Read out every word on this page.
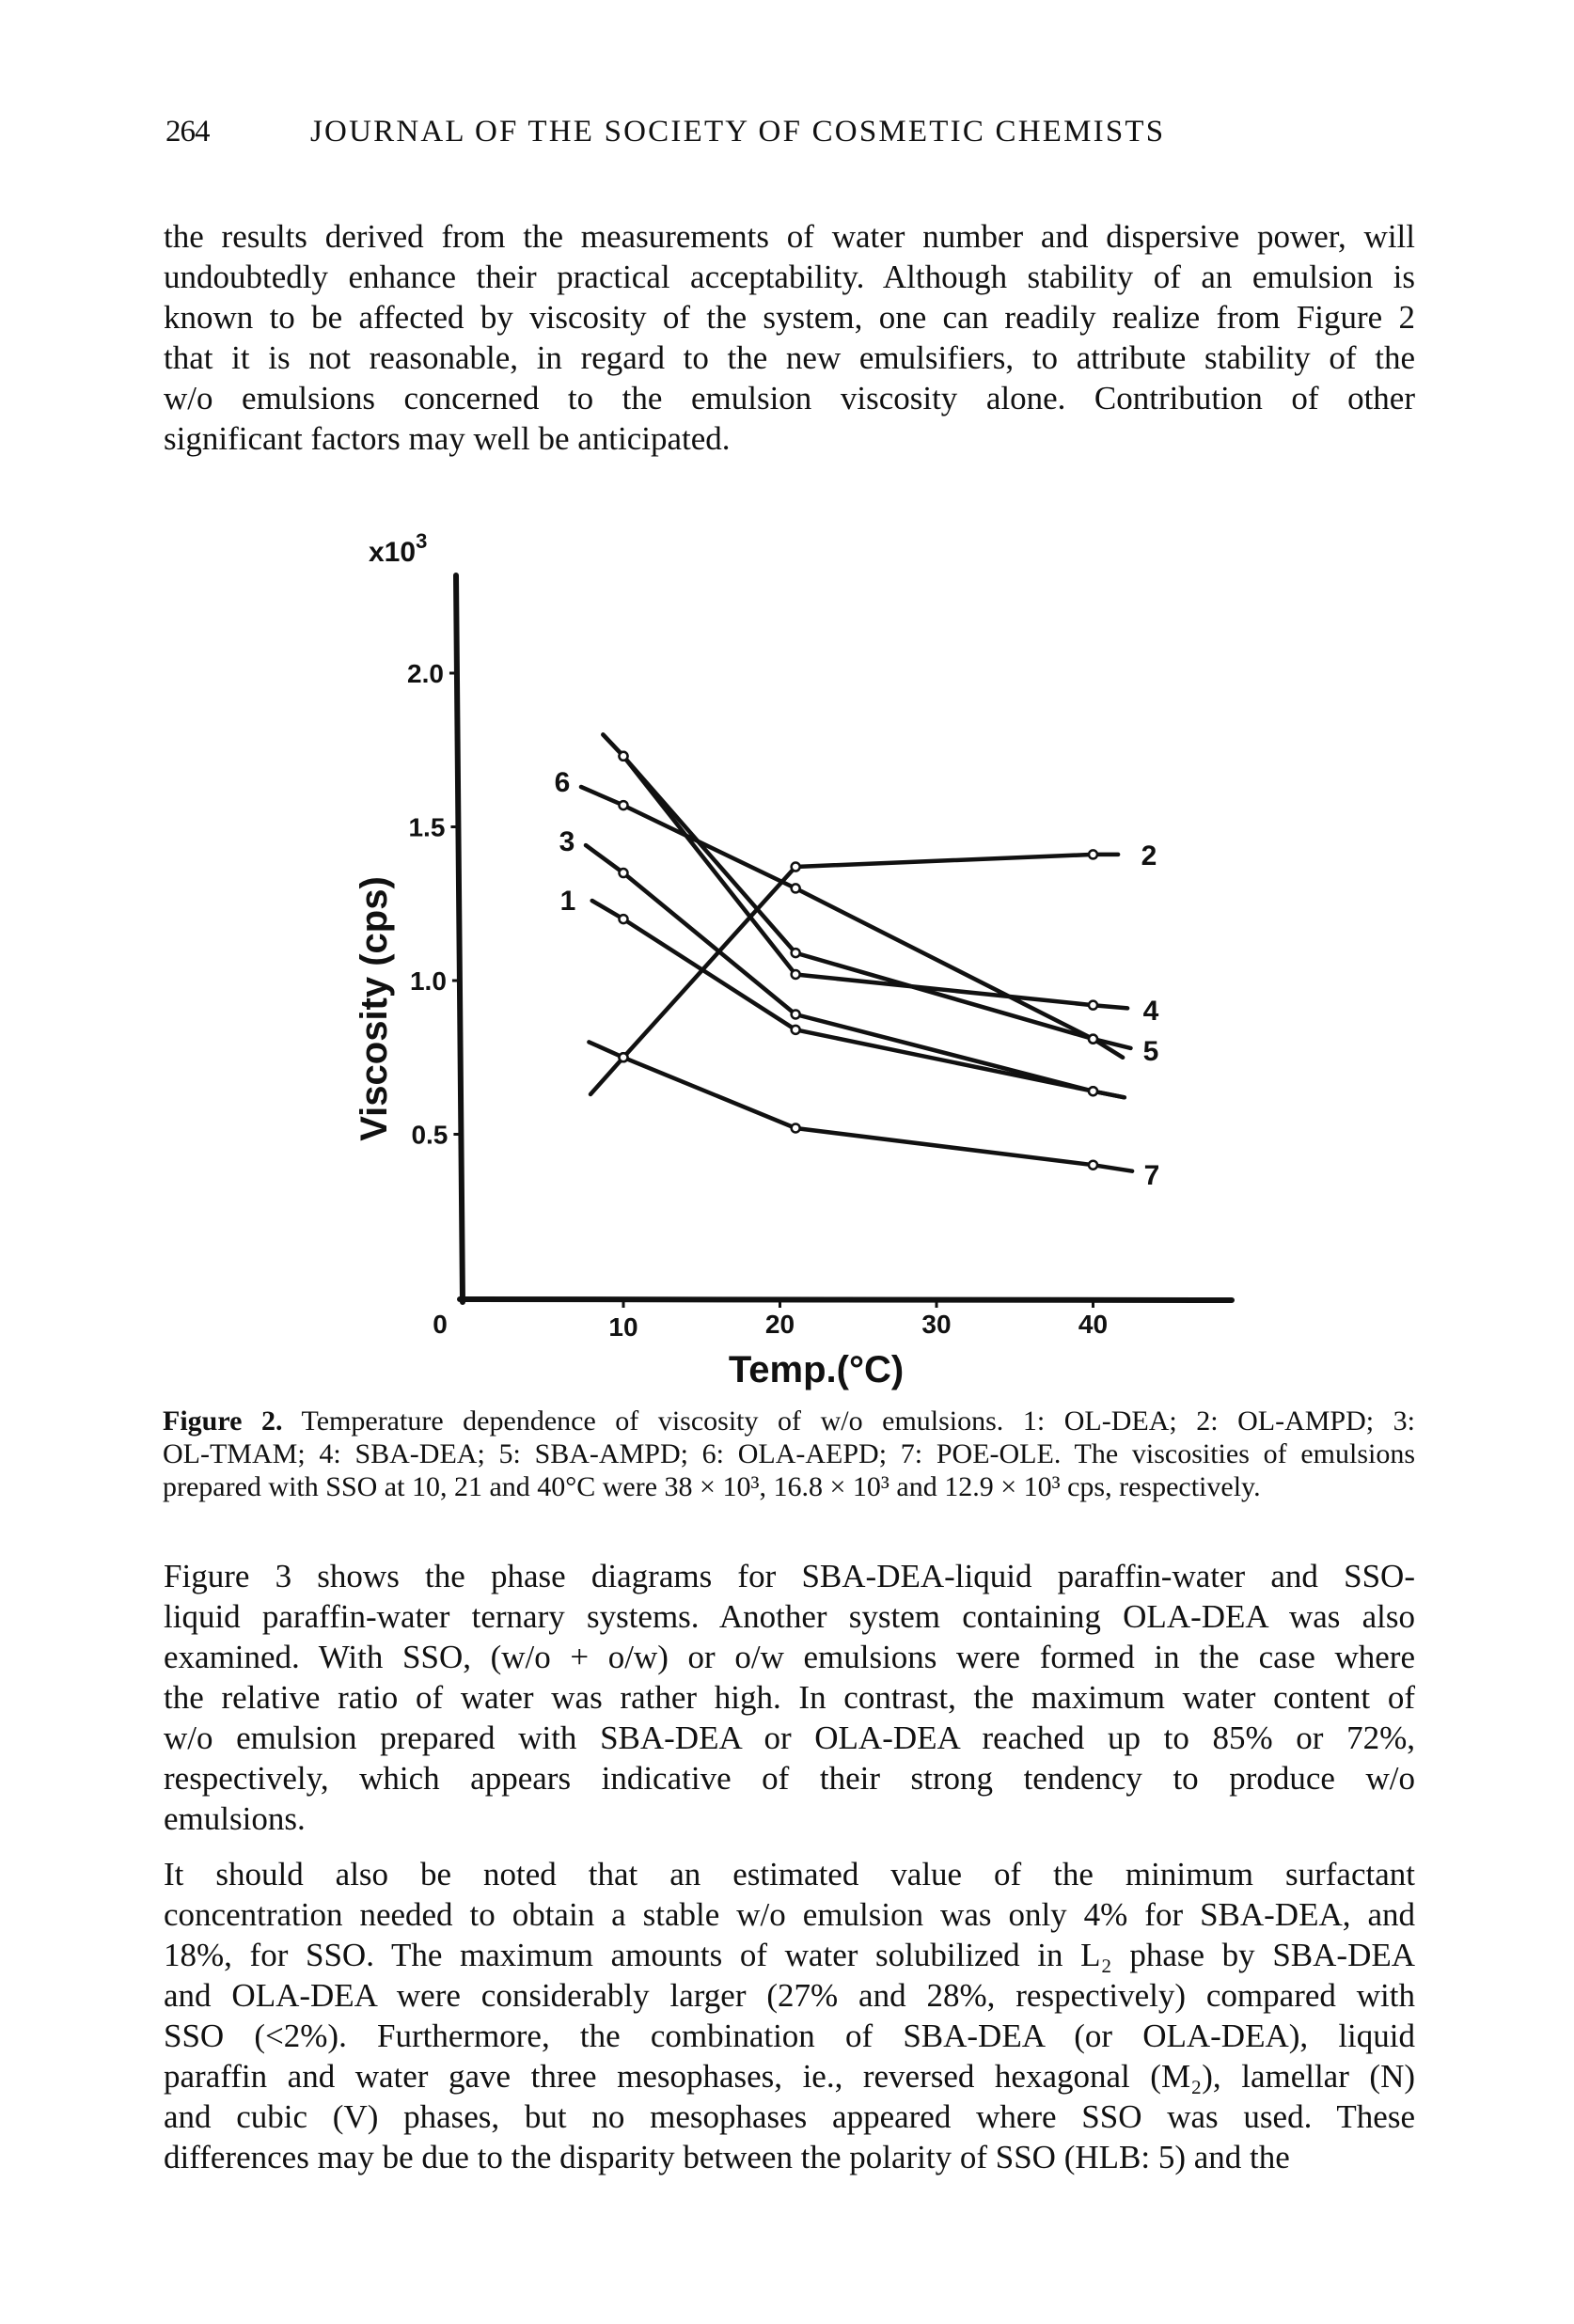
264	JOURNAL OF THE SOCIETY OF COSMETIC CHEMISTS
the results derived from the measurements of water number and dispersive power, will
undoubtedly enhance their practical acceptability. Although stability of an emulsion is
known to be affected by viscosity of the system, one can readily realize from Figure 2
that it is not reasonable, in regard to the new emulsifiers, to attribute stability of the
w/o emulsions concerned to the emulsion viscosity alone. Contribution of other
significant factors may well be anticipated.
$x10^3$
Viscosity (cps)
Temp.(°C)
0.5
1.0
1.5
2.0
0	10	20	30	40
1
2
3
4
5
6
7
Figure 2. Temperature dependence of viscosity of w/o emulsions. 1: OL-DEA; 2: OL-AMPD; 3:
OL-TMAM; 4: SBA-DEA; 5: SBA-AMPD; 6: OLA-AEPD; 7: POE-OLE. The viscosities of emulsions
prepared with SSO at 10, 21 and 40°C were 38 × 10³, 16.8 × 10³ and 12.9 × 10³ cps, respectively.
Figure 3 shows the phase diagrams for SBA-DEA-liquid paraffin-water and SSO-
liquid paraffin-water ternary systems. Another system containing OLA-DEA was also
examined. With SSO, (w/o + o/w) or o/w emulsions were formed in the case where
the relative ratio of water was rather high. In contrast, the maximum water content of
w/o emulsion prepared with SBA-DEA or OLA-DEA reached up to 85% or 72%,
respectively, which appears indicative of their strong tendency to produce w/o
emulsions.
It should also be noted that an estimated value of the minimum surfactant
concentration needed to obtain a stable w/o emulsion was only 4% for SBA-DEA, and
18%, for SSO. The maximum amounts of water solubilized in L₂ phase by SBA-DEA
and OLA-DEA were considerably larger (27% and 28%, respectively) compared with
SSO (<2%). Furthermore, the combination of SBA-DEA (or OLA-DEA), liquid
paraffin and water gave three mesophases, ie., reversed hexagonal (M₂), lamellar (N)
and cubic (V) phases, but no mesophases appeared where SSO was used. These
differences may be due to the disparity between the polarity of SSO (HLB: 5) and the
